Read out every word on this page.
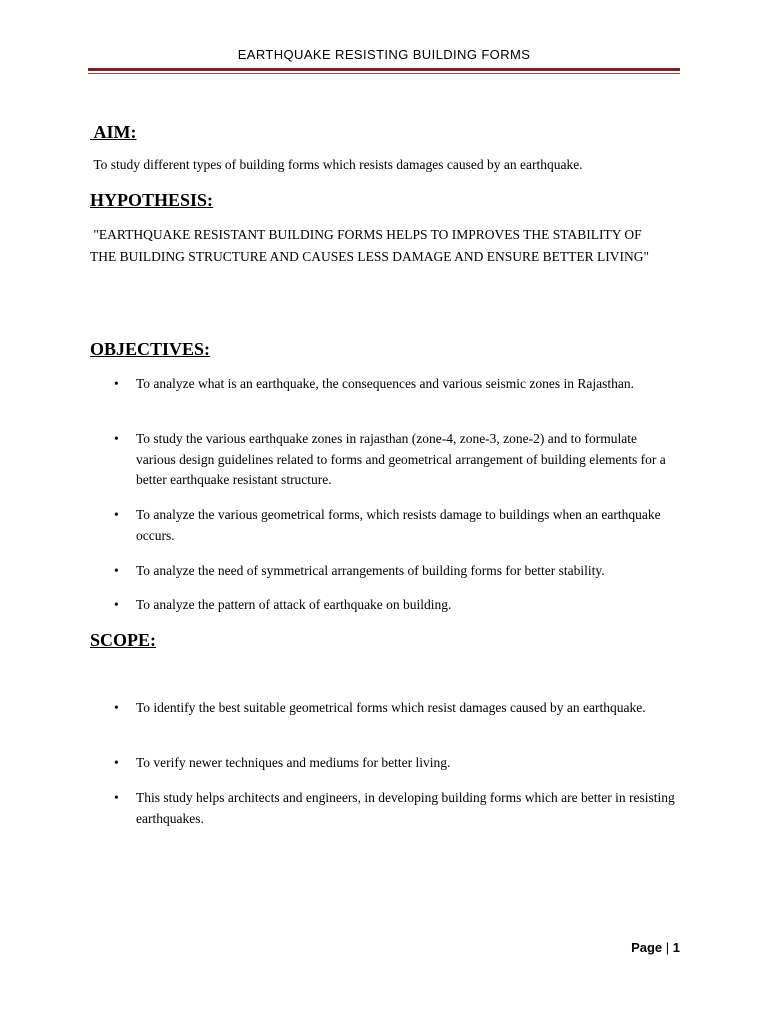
EARTHQUAKE RESISTING BUILDING FORMS
AIM:

To study different types of building forms which resists damages caused by an earthquake.

HYPOTHESIS:

"EARTHQUAKE RESISTANT BUILDING FORMS HELPS TO IMPROVES THE STABILITY OF THE BUILDING STRUCTURE AND CAUSES LESS DAMAGE AND ENSURE BETTER LIVING"

OBJECTIVES:
• To analyze what is an earthquake, the consequences and various seismic zones in Rajasthan.
• To study the various earthquake zones in rajasthan (zone-4, zone-3, zone-2) and to formulate various design guidelines related to forms and geometrical arrangement of building elements for a better earthquake resistant structure.
• To analyze the various geometrical forms, which resists damage to buildings when an earthquake occurs.
• To analyze the need of symmetrical arrangements of building forms for better stability.
• To analyze the pattern of attack of earthquake on building.
SCOPE:
• To identify the best suitable geometrical forms which resist damages caused by an earthquake.
• To verify newer techniques and mediums for better living.
• This study helps architects and engineers, in developing building forms which are better in resisting earthquakes.
Page | 1
